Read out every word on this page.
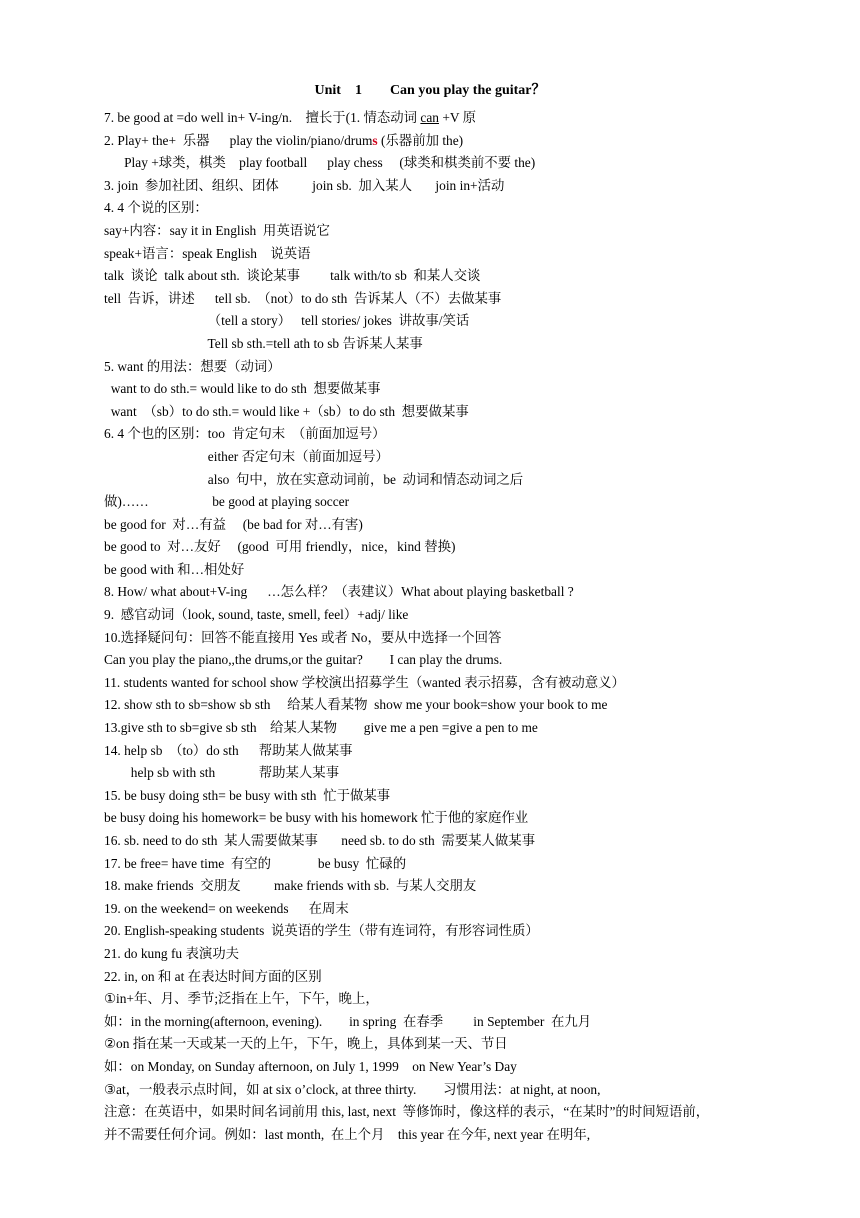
Unit 1 Can you play the guitar？
7. be good at =do well in+ V-ing/n.    擅长于(1. 情态动词 can +V 原
2. Play+ the+  乐器      play the violin/piano/drums (乐器前加 the)
Play +球类，棋类    play football      play chess     (球类和棋类前不要 the)
3. join  参加社团、组织、团体          join sb.  加入某人       join in+活动
4. 4 个说的区别：
say+内容：say it in English  用英语说它
speak+语言：speak English    说英语
talk  谈论  talk about sth.  谈论某事         talk with/to sb  和某人交谈
tell  告诉，讲述      tell sb.  （not）to do sth  告诉某人（不）去做某事
（tell a story）   tell stories/ jokes  讲故事/笑话
Tell sb sth.=tell ath to sb 告诉某人某事
5. want 的用法：想要（动词）
want to do sth.= would like to do sth  想要做某事
want  （sb）to do sth.= would like +（sb）to do sth  想要做某事
6. 4 个也的区别：too  肯定句末  （前面加逗号）
either 否定句末（前面加逗号）
also  句中，放在实意动词前，be  动词和情态动词之后
做)……                   be good at playing soccer
be good for  对…有益     (be bad for 对…有害)
be good to  对…友好     (good  可用 friendly，nice，kind 替换)
be good with 和…相处好
8. How/ what about+V-ing      …怎么样？（表建议）What about playing basketball ?
9.  感官动词（look, sound, taste, smell, feel）+adj/ like
10.选择疑问句：回答不能直接用 Yes 或者 No，要从中选择一个回答
Can you play the piano,,the drums,or the guitar?        I can play the drums.
11. students wanted for school show 学校演出招募学生（wanted 表示招募，含有被动意义）
12. show sth to sb=show sb sth     给某人看某物  show me your book=show your book to me
13.give sth to sb=give sb sth    给某人某物        give me a pen =give a pen to me
14. help sb  （to）do sth      帮助某人做某事
help sb with sth             帮助某人某事
15. be busy doing sth= be busy with sth  忙于做某事
be busy doing his homework= be busy with his homework 忙于他的家庭作业
16. sb. need to do sth  某人需要做某事       need sb. to do sth  需要某人做某事
17. be free= have time  有空的              be busy  忙碌的
18. make friends  交朋友          make friends with sb.  与某人交朋友
19. on the weekend= on weekends      在周末
20. English-speaking students  说英语的学生（带有连词符，有形容词性质）
21. do kung fu 表演功夫
22. in, on 和 at 在表达时间方面的区别
①in+年、月、季节;泛指在上午，下午，晚上，
如：in the morning(afternoon, evening).        in spring  在春季         in September  在九月
②on 指在某一天或某一天的上午，下午，晚上，具体到某一天、节日
如：on Monday, on Sunday afternoon, on July 1, 1999    on New Year’s Day
③at，一般表示点时间，如 at six o’clock, at three thirty.        习惯用法：at night, at noon,
注意：在英语中，如果时间名词前用 this, last, next  等修饰时，像这样的表示，“在某时”的时间短语前，
并不需要任何介词。例如：last month,  在上个月    this year 在今年, next year 在明年,
